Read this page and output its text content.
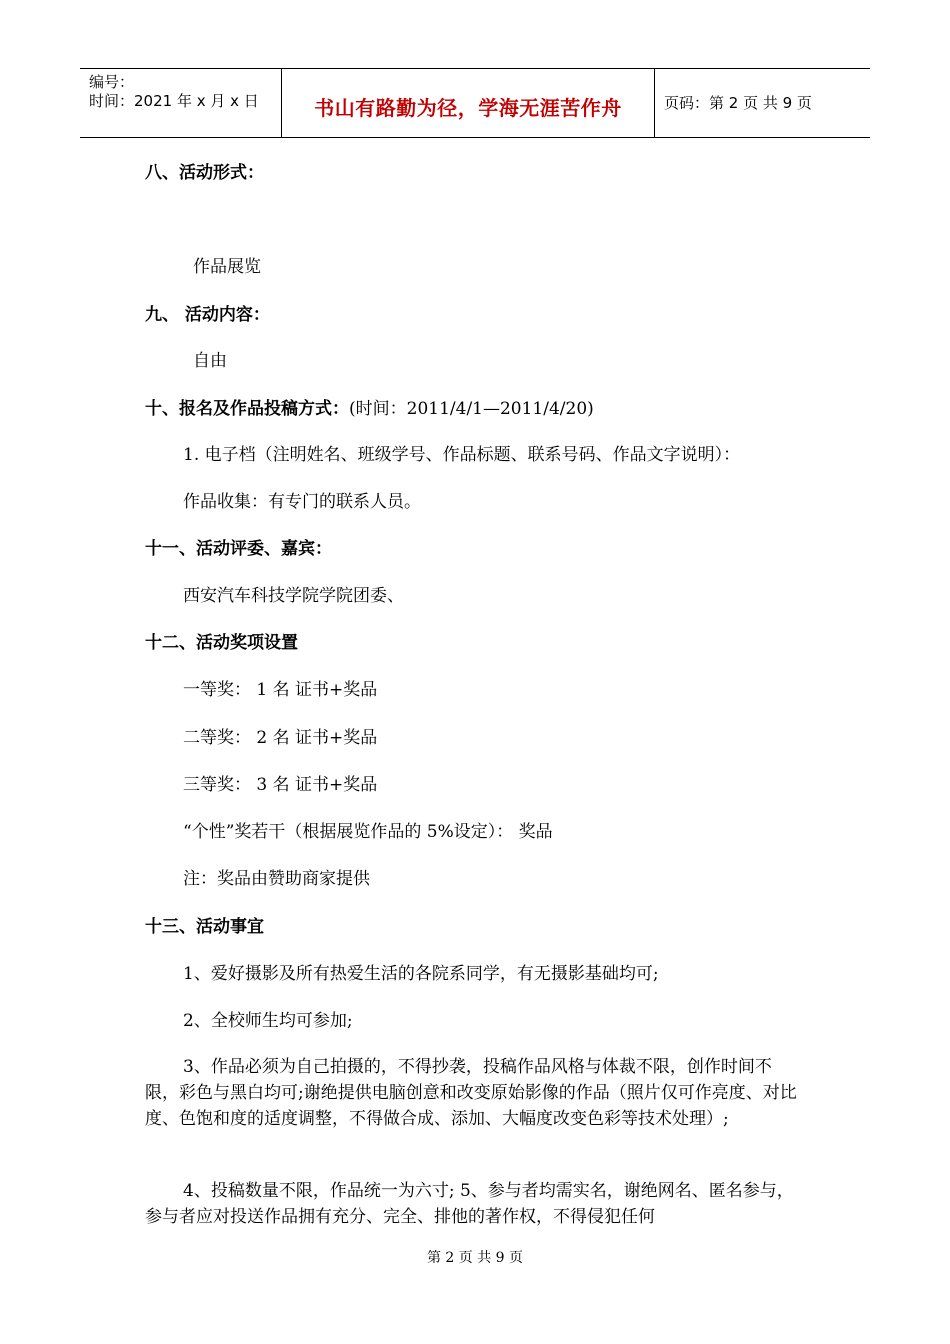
编号：
时间：2021 年 x 月 x 日	书山有路勤为径，学海无涯苦作舟	页码：第 2 页 共 9 页
八、活动形式：
作品展览
九、 活动内容：
自由
十、报名及作品投稿方式：(时间：2011/4/1—2011/4/20)
1. 电子档（注明姓名、班级学号、作品标题、联系号码、作品文字说明）：
作品收集：有专门的联系人员。
十一、活动评委、嘉宾：
西安汽车科技学院学院团委、
十二、活动奖项设置
一等奖： 1 名 证书+奖品
二等奖： 2 名 证书+奖品
三等奖： 3 名 证书+奖品
“个性”奖若干（根据展览作品的 5%设定）： 奖品
注：奖品由赞助商家提供
十三、活动事宜
1、爱好摄影及所有热爱生活的各院系同学，有无摄影基础均可;
2、全校师生均可参加;
3、作品必须为自己拍摄的，不得抄袭，投稿作品风格与体裁不限，创作时间不限，彩色与黑白均可;谢绝提供电脑创意和改变原始影像的作品（照片仅可作亮度、对比度、色饱和度的适度调整，不得做合成、添加、大幅度改变色彩等技术处理）;
4、投稿数量不限，作品统一为六寸; 5、参与者均需实名，谢绝网名、匿名参与，参与者应对投送作品拥有充分、完全、排他的著作权，不得侵犯任何
第 2 页 共 9 页
